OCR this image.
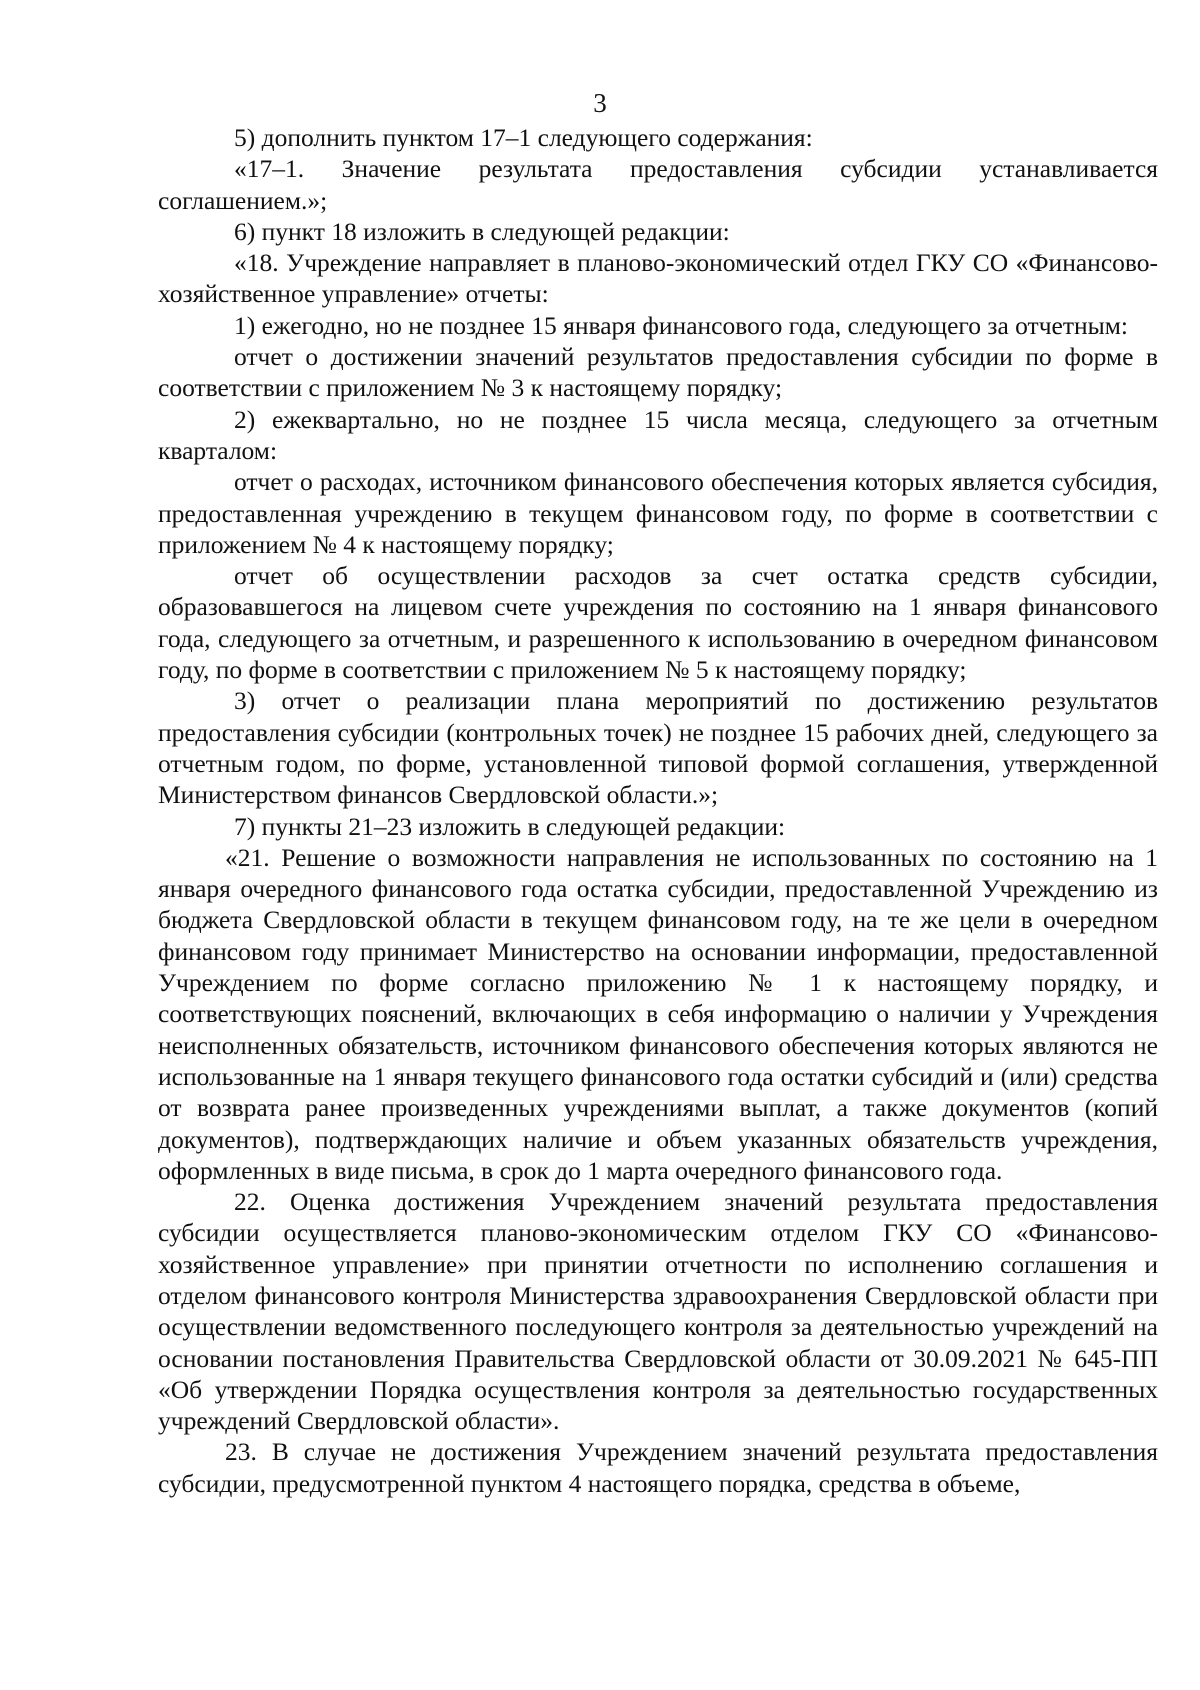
3

5) дополнить пунктом 17–1 следующего содержания:

«17–1. Значение результата предоставления субсидии устанавливается соглашением.»;

6) пункт 18 изложить в следующей редакции:

«18. Учреждение направляет в планово-экономический отдел ГКУ СО «Финансово-хозяйственное управление» отчеты:

1) ежегодно, но не позднее 15 января финансового года, следующего за отчетным:

отчет о достижении значений результатов предоставления субсидии по форме в соответствии с приложением № 3 к настоящему порядку;

2) ежеквартально, но не позднее 15 числа месяца, следующего за отчетным кварталом:

отчет о расходах, источником финансового обеспечения которых является субсидия, предоставленная учреждению в текущем финансовом году, по форме в соответствии с приложением № 4 к настоящему порядку;

отчет об осуществлении расходов за счет остатка средств субсидии, образовавшегося на лицевом счете учреждения по состоянию на 1 января финансового года, следующего за отчетным, и разрешенного к использованию в очередном финансовом году, по форме в соответствии с приложением № 5 к настоящему порядку;

3) отчет о реализации плана мероприятий по достижению результатов предоставления субсидии (контрольных точек) не позднее 15 рабочих дней, следующего за отчетным годом, по форме, установленной типовой формой соглашения, утвержденной Министерством финансов Свердловской области.»;

7) пункты 21–23 изложить в следующей редакции:

«21. Решение о возможности направления не использованных по состоянию на 1 января очередного финансового года остатка субсидии, предоставленной Учреждению из бюджета Свердловской области в текущем финансовом году, на те же цели в очередном финансовом году принимает Министерство на основании информации, предоставленной Учреждением по форме согласно приложению № 1 к настоящему порядку, и соответствующих пояснений, включающих в себя информацию о наличии у Учреждения неисполненных обязательств, источником финансового обеспечения которых являются не использованные на 1 января текущего финансового года остатки субсидий и (или) средства от возврата ранее произведенных учреждениями выплат, а также документов (копий документов), подтверждающих наличие и объем указанных обязательств учреждения, оформленных в виде письма, в срок до 1 марта очередного финансового года.

22. Оценка достижения Учреждением значений результата предоставления субсидии осуществляется планово-экономическим отделом ГКУ СО «Финансово-хозяйственное управление» при принятии отчетности по исполнению соглашения и отделом финансового контроля Министерства здравоохранения Свердловской области при осуществлении ведомственного последующего контроля за деятельностью учреждений на основании постановления Правительства Свердловской области от 30.09.2021 № 645-ПП «Об утверждении Порядка осуществления контроля за деятельностью государственных учреждений Свердловской области».

23. В случае не достижения Учреждением значений результата предоставления субсидии, предусмотренной пунктом 4 настоящего порядка, средства в объеме,
